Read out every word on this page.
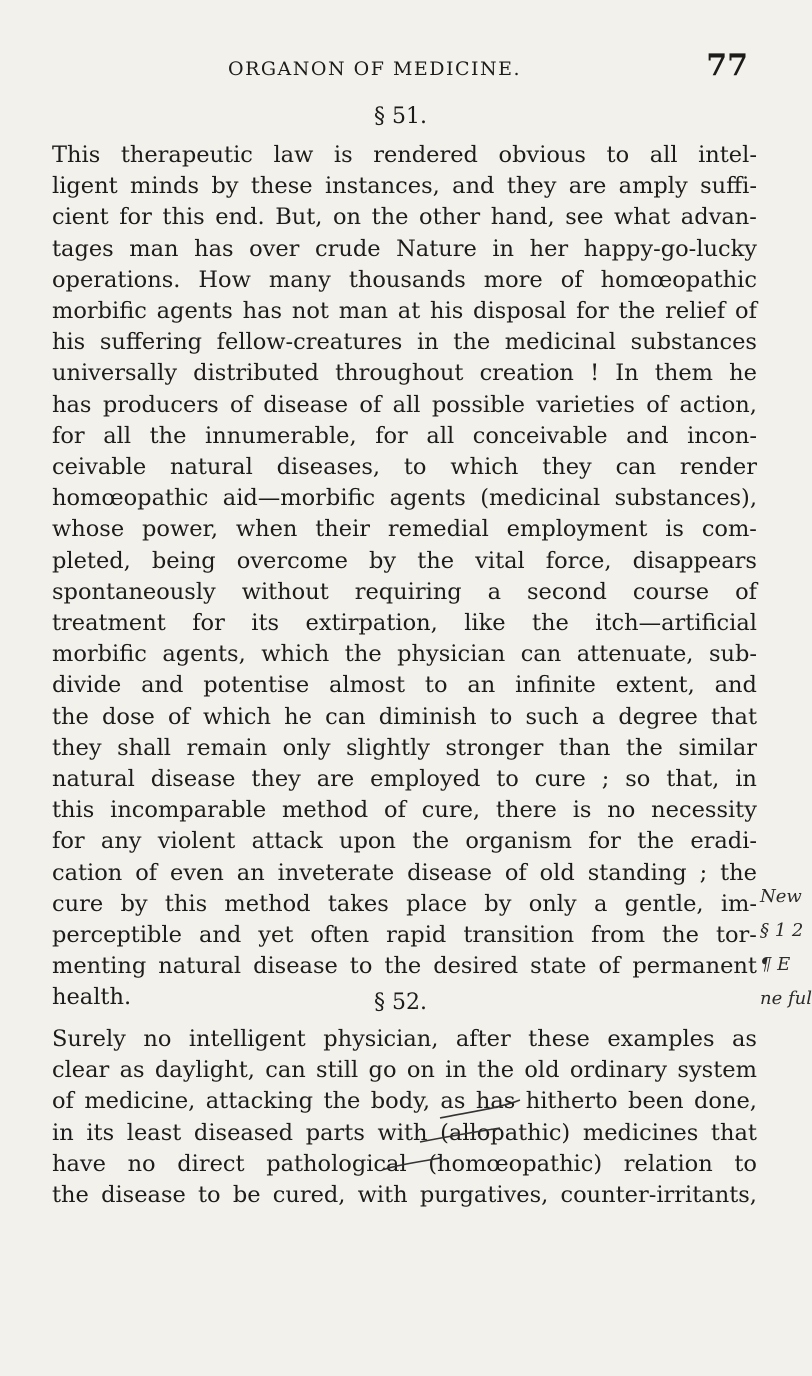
ORGANON OF MEDICINE.	77
§ 51.
This therapeutic law is rendered obvious to all intel-
ligent minds by these instances, and they are amply suffi-
cient for this end. But, on the other hand, see what advan-
tages man has over crude Nature in her happy-go-lucky
operations. How many thousands more of homœopathic
morbific agents has not man at his disposal for the relief of
his suffering fellow-creatures in the medicinal substances
universally distributed throughout creation ! In them he
has producers of disease of all possible varieties of action,
for all the innumerable, for all conceivable and incon-
ceivable natural diseases, to which they can render
homœopathic aid—morbific agents (medicinal substances),
whose power, when their remedial employment is com-
pleted, being overcome by the vital force, disappears
spontaneously without requiring a second course of
treatment for its extirpation, like the itch—artificial
morbific agents, which the physician can attenuate, sub-
divide and potentise almost to an infinite extent, and
the dose of which he can diminish to such a degree that
they shall remain only slightly stronger than the similar
natural disease they are employed to cure ; so that, in
this incomparable method of cure, there is no necessity
for any violent attack upon the organism for the eradi-
cation of even an inveterate disease of old standing ; the
cure by this method takes place by only a gentle, im-
perceptible and yet often rapid transition from the tor-
menting natural disease to the desired state of permanent
health.	§ 52.
Surely no intelligent physician, after these examples as
clear as daylight, can still go on in the old ordinary system
of medicine, attacking the body, as has hitherto been done,
in its least diseased parts with (allopathic) medicines that
have no direct pathological (homœopathic) relation to
the disease to be cured, with purgatives, counter-irritants,
New
§ 1 2
¶ E
ne ful
